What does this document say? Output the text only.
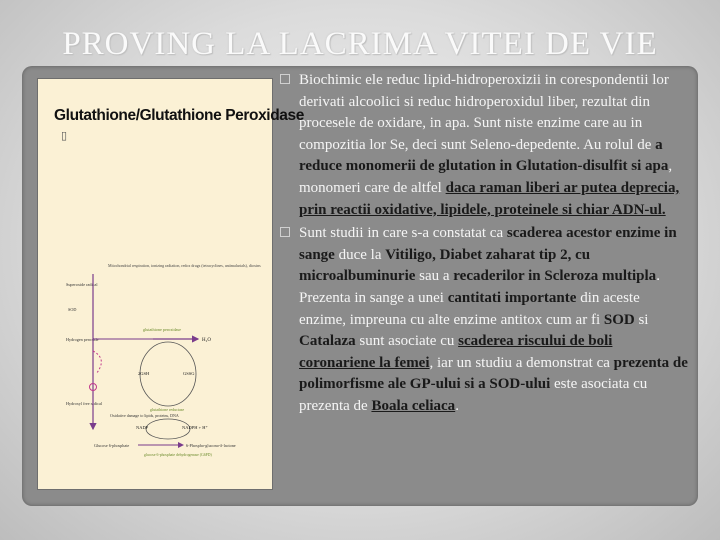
PROVING LA LACRIMA VITEI DE VIE
Glutathione/Glutathione Peroxidase
▯
Superoxide radical
SOD
Hydrogen peroxide
Hydroxyl free radical
Mitochondrial respiration, ionizing radiation, redox drugs (tetracyclines, antimalarials), dioxins
glutathione peroxidase
H₂O
2GSH	GSSG
glutathione reductase
NADP	NADPH + H⁺
Oxidative damage to lipids, proteins, DNA
Glucose 6-phosphate	6-Phospho-glucono-δ-lactone
glucose 6-phosphate dehydrogenase (G6PD)
Biochimic ele reduc lipid-hidroperoxizii in corespondentii lor derivati alcoolici si reduc hidroperoxidul liber, rezultat din procesele de oxidare, in apa. Sunt niste enzime care au in compozitia lor Se, deci sunt Seleno-depedente. Au rolul de a reduce monomerii de glutation in Glutation-disulfit si apa, monomeri care de altfel daca raman liberi ar putea deprecia, prin reactii oxidative, lipidele, proteinele si chiar ADN-ul.
Sunt studii in care s-a constatat ca scaderea acestor enzime in sange duce la Vitiligo, Diabet zaharat tip 2, cu microalbuminurie sau a recaderilor in Scleroza multipla. Prezenta in sange a unei cantitati importante din aceste enzime, impreuna cu alte enzime antitox cum ar fi SOD si Catalaza sunt asociate cu scaderea riscului de boli coronariene la femei, iar un studiu a demonstrat ca prezenta de polimorfisme ale GP-ului si a SOD-ului este asociata cu prezenta de Boala celiaca.
